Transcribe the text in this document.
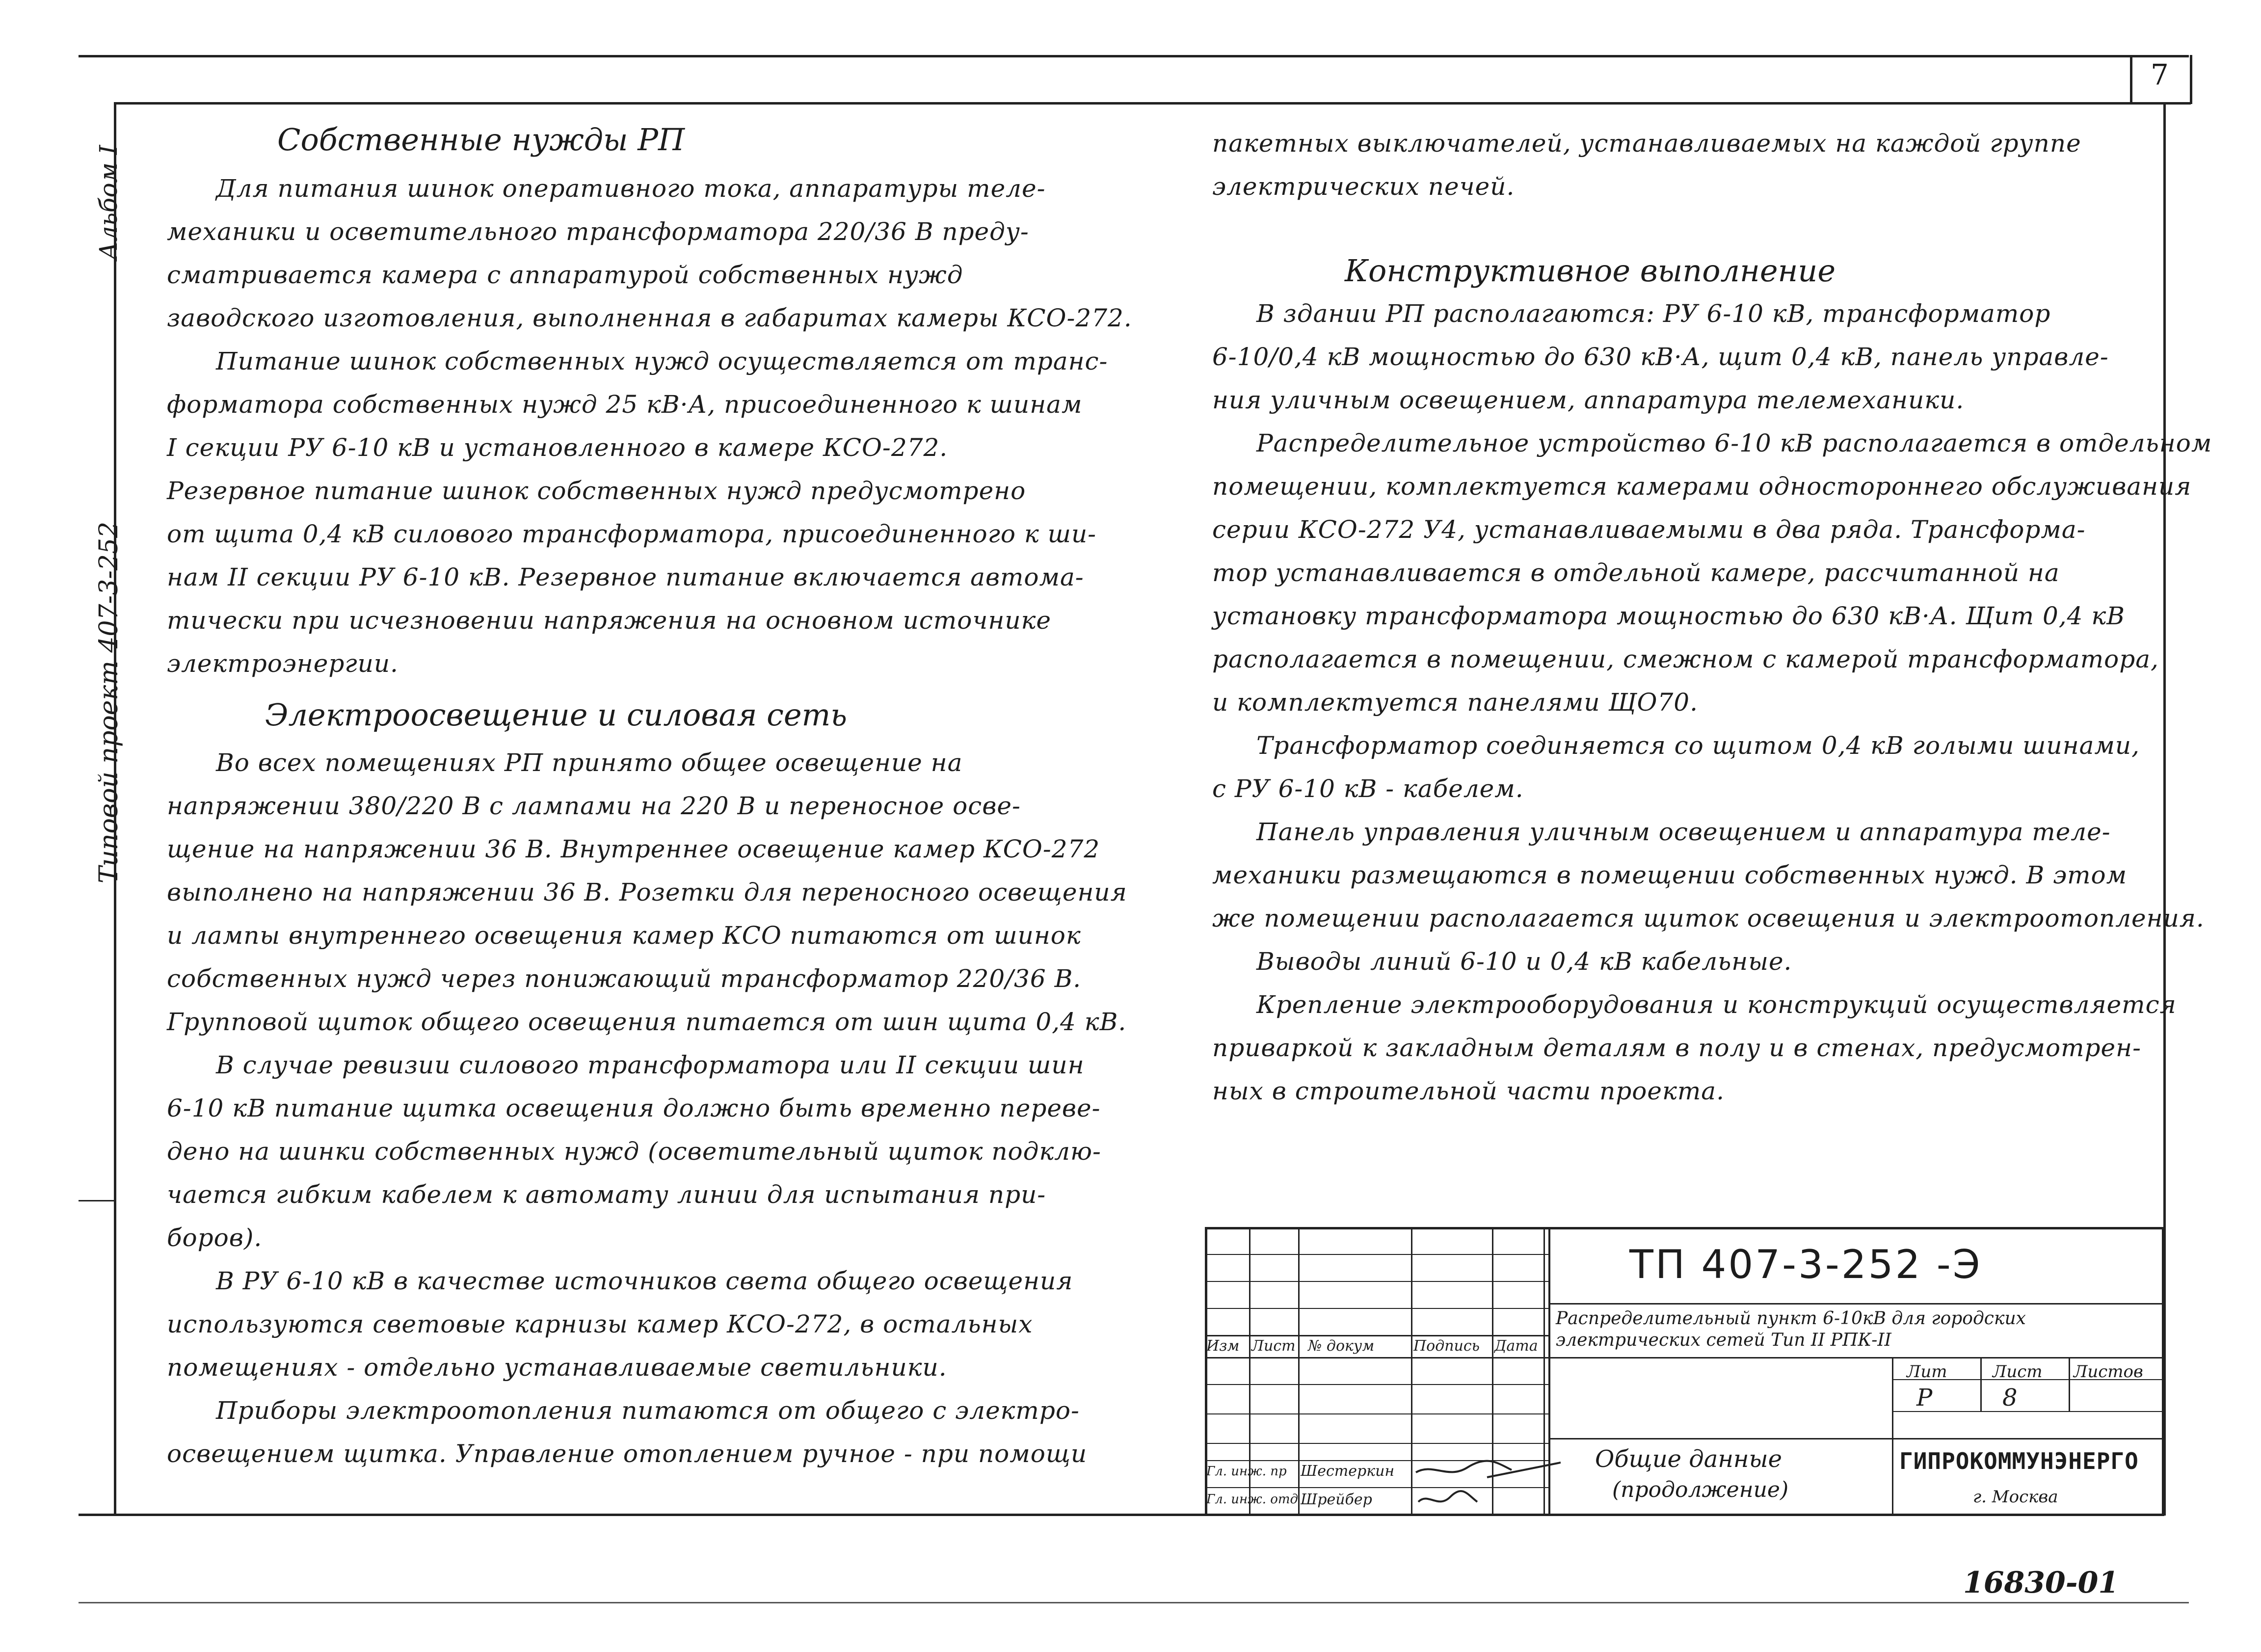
7
Альбом I
Типовой проект 407-3-252
Собственные нужды РП
Для питания шинок оперативного тока, аппаратуры теле-
механики и осветительного трансформатора 220/36 В преду-
сматривается камера с аппаратурой собственных нужд
заводского изготовления, выполненная в габаритах камеры КСО-272.
Питание шинок собственных нужд осуществляется от транс-
форматора собственных нужд 25 кВ·А, присоединенного к шинам
I секции РУ 6-10 кВ и установленного в камере КСО-272.
Резервное питание шинок собственных нужд предусмотрено
от щита 0,4 кВ силового трансформатора, присоединенного к ши-
нам II секции РУ 6-10 кВ. Резервное питание включается автома-
тически при исчезновении напряжения на основном источнике
электроэнергии.
Электроосвещение и силовая сеть
Во всех помещениях РП принято общее освещение на
напряжении 380/220 В с лампами на 220 В и переносное осве-
щение на напряжении 36 В. Внутреннее освещение камер КСО-272
выполнено на напряжении 36 В. Розетки для переносного освещения
и лампы внутреннего освещения камер КСО питаются от шинок
собственных нужд через понижающий трансформатор 220/36 В.
Групповой щиток общего освещения питается от шин щита 0,4 кВ.
В случае ревизии силового трансформатора или II секции шин
6-10 кВ питание щитка освещения должно быть временно переве-
дено на шинки собственных нужд (осветительный щиток подклю-
чается гибким кабелем к автомату линии для испытания при-
боров).
В РУ 6-10 кВ в качестве источников света общего освещения
используются световые карнизы камер КСО-272, в остальных
помещениях - отдельно устанавливаемые светильники.
Приборы электроотопления питаются от общего с электро-
освещением щитка. Управление отоплением ручное - при помощи
пакетных выключателей, устанавливаемых на каждой группе
электрических печей.
Конструктивное выполнение
В здании РП располагаются: РУ 6-10 кВ, трансформатор
6-10/0,4 кВ мощностью до 630 кВ·А, щит 0,4 кВ, панель управле-
ния уличным освещением, аппаратура телемеханики.
Распределительное устройство 6-10 кВ располагается в отдельном
помещении, комплектуется камерами одностороннего обслуживания
серии КСО-272 У4, устанавливаемыми в два ряда. Трансформа-
тор устанавливается в отдельной камере, рассчитанной на
установку трансформатора мощностью до 630 кВ·А. Щит 0,4 кВ
располагается в помещении, смежном с камерой трансформатора,
и комплектуется панелями ЩО70.
Трансформатор соединяется со щитом 0,4 кВ голыми шинами,
с РУ 6-10 кВ - кабелем.
Панель управления уличным освещением и аппаратура теле-
механики размещаются в помещении собственных нужд. В этом
же помещении располагается щиток освещения и электроотопления.
Выводы линий 6-10 и 0,4 кВ кабельные.
Крепление электрооборудования и конструкций осуществляется
приваркой к закладным деталям в полу и в стенах, предусмотрен-
ных в строительной части проекта.
ТП 407-3-252 -Э
Распределительный пункт 6-10кВ для городских электрических сетей Тип II РПК-II
Изм Лист № докум	Подпись Дата
Лит	Лист Листов
Р	8
Общие данные
(продолжение)
Гл. инж. пр Шестеркин
Гл. инж. отд Шрейбер
ГИПРОКОММУНЭНЕРГО
г. Москва
16830-01
